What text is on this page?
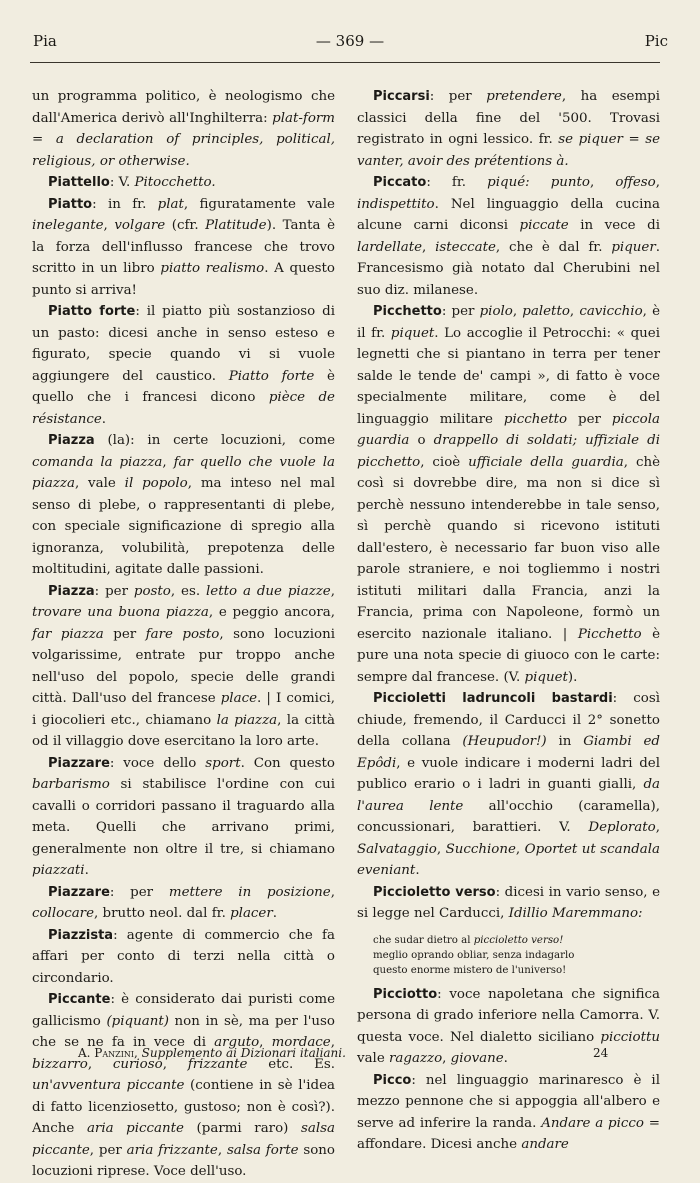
Pia	— 369 —	Pic

un programma politico, è neologismo che dall'America derivò all'Inghilterra: plat-form = a declaration of principles, political, religious, or otherwise.

Piattello: V. Pitocchetto.

Piatto: in fr. plat, figuratamente vale inelegante, volgare (cfr. Platitude). Tanta è la forza dell'influsso francese che trovo scritto in un libro piatto realismo. A questo punto si arriva!

Piatto forte: il piatto più sostanzioso di un pasto: dicesi anche in senso esteso e figurato, specie quando vi si vuole aggiungere del caustico. Piatto forte è quello che i francesi dicono pièce de résistance.

Piazza (la): in certe locuzioni, come comanda la piazza, far quello che vuole la piazza, vale il popolo, ma inteso nel mal senso di plebe, o rappresentanti di plebe, con speciale significazione di spregio alla ignoranza, volubilità, prepotenza delle moltitudini, agitate dalle passioni.

Piazza: per posto, es. letto a due piazze, trovare una buona piazza, e peggio ancora, far piazza per fare posto, sono locuzioni volgarissime, entrate pur troppo anche nell'uso del popolo, specie delle grandi città. Dall'uso del francese place. | I comici, i giocolieri etc., chiamano la piazza, la città od il villaggio dove esercitano la loro arte.

Piazzare: voce dello sport. Con questo barbarismo si stabilisce l'ordine con cui cavalli o corridori passano il traguardo alla meta. Quelli che arrivano primi, generalmente non oltre il tre, si chiamano piazzati.

Piazzare: per mettere in posizione, collocare, brutto neol. dal fr. placer.

Piazzista: agente di commercio che fa affari per conto di terzi nella città o circondario.

Piccante: è considerato dai puristi come gallicismo (piquant) non in sè, ma per l'uso che se ne fa in vece di arguto, mordace, bizzarro, curioso, frizzante etc. Es. un'avventura piccante (contiene in sè l'idea di fatto licenziosetto, gustoso; non è così?). Anche aria piccante (parmi raro) salsa piccante, per aria frizzante, salsa forte sono locuzioni riprese. Voce dell'uso.

Piccarsi: per pretendere, ha esempi classici della fine del '500. Trovasi registrato in ogni lessico. fr. se piquer = se vanter, avoir des prétentions à.

Piccato: fr. piqué: punto, offeso, indispettito. Nel linguaggio della cucina alcune carni diconsi piccate in vece di lardellate, isteccate, che è dal fr. piquer. Francesismo già notato dal Cherubini nel suo diz. milanese.

Picchetto: per piolo, paletto, cavicchio, è il fr. piquet. Lo accoglie il Petrocchi: « quei legnetti che si piantano in terra per tener salde le tende de' campi », di fatto è voce specialmente militare, come è del linguaggio militare picchetto per piccola guardia o drappello di soldati; uffiziale di picchetto, cioè ufficiale della guardia, chè così si dovrebbe dire, ma non si dice sì perchè nessuno intenderebbe in tale senso, sì perchè quando si ricevono istituti dall'estero, è necessario far buon viso alle parole straniere, e noi togliemmo i nostri istituti militari dalla Francia, anzi la Francia, prima con Napoleone, formò un esercito nazionale italiano. | Picchetto è pure una nota specie di giuoco con le carte: sempre dal francese. (V. piquet).

Piccioletti ladruncoli bastardi: così chiude, fremendo, il Carducci il 2° sonetto della collana (Heupudor!) in Giambi ed Epôdi, e vuole indicare i moderni ladri del publico erario o i ladri in guanti gialli, da l'aurea lente all'occhio (caramella), concussionari, barattieri. V. Deplorato, Salvataggio, Succhione, Oportet ut scandala eveniant.

Piccioletto verso: dicesi in vario senso, e si legge nel Carducci, Idillio Maremmano:

che sudar dietro al piccioletto verso!
meglio oprando obliar, senza indagarlo
questo enorme mistero de l'universo!

Picciotto: voce napoletana che significa persona di grado inferiore nella Camorra. V. questa voce. Nel dialetto siciliano picciottu vale ragazzo, giovane.

Picco: nel linguaggio marinaresco è il mezzo pennone che si appoggia all'albero e serve ad inferire la randa. Andare a picco = affondare. Dicesi anche andare

A. Panzini, Supplemento ai Dizionari italiani.	24
